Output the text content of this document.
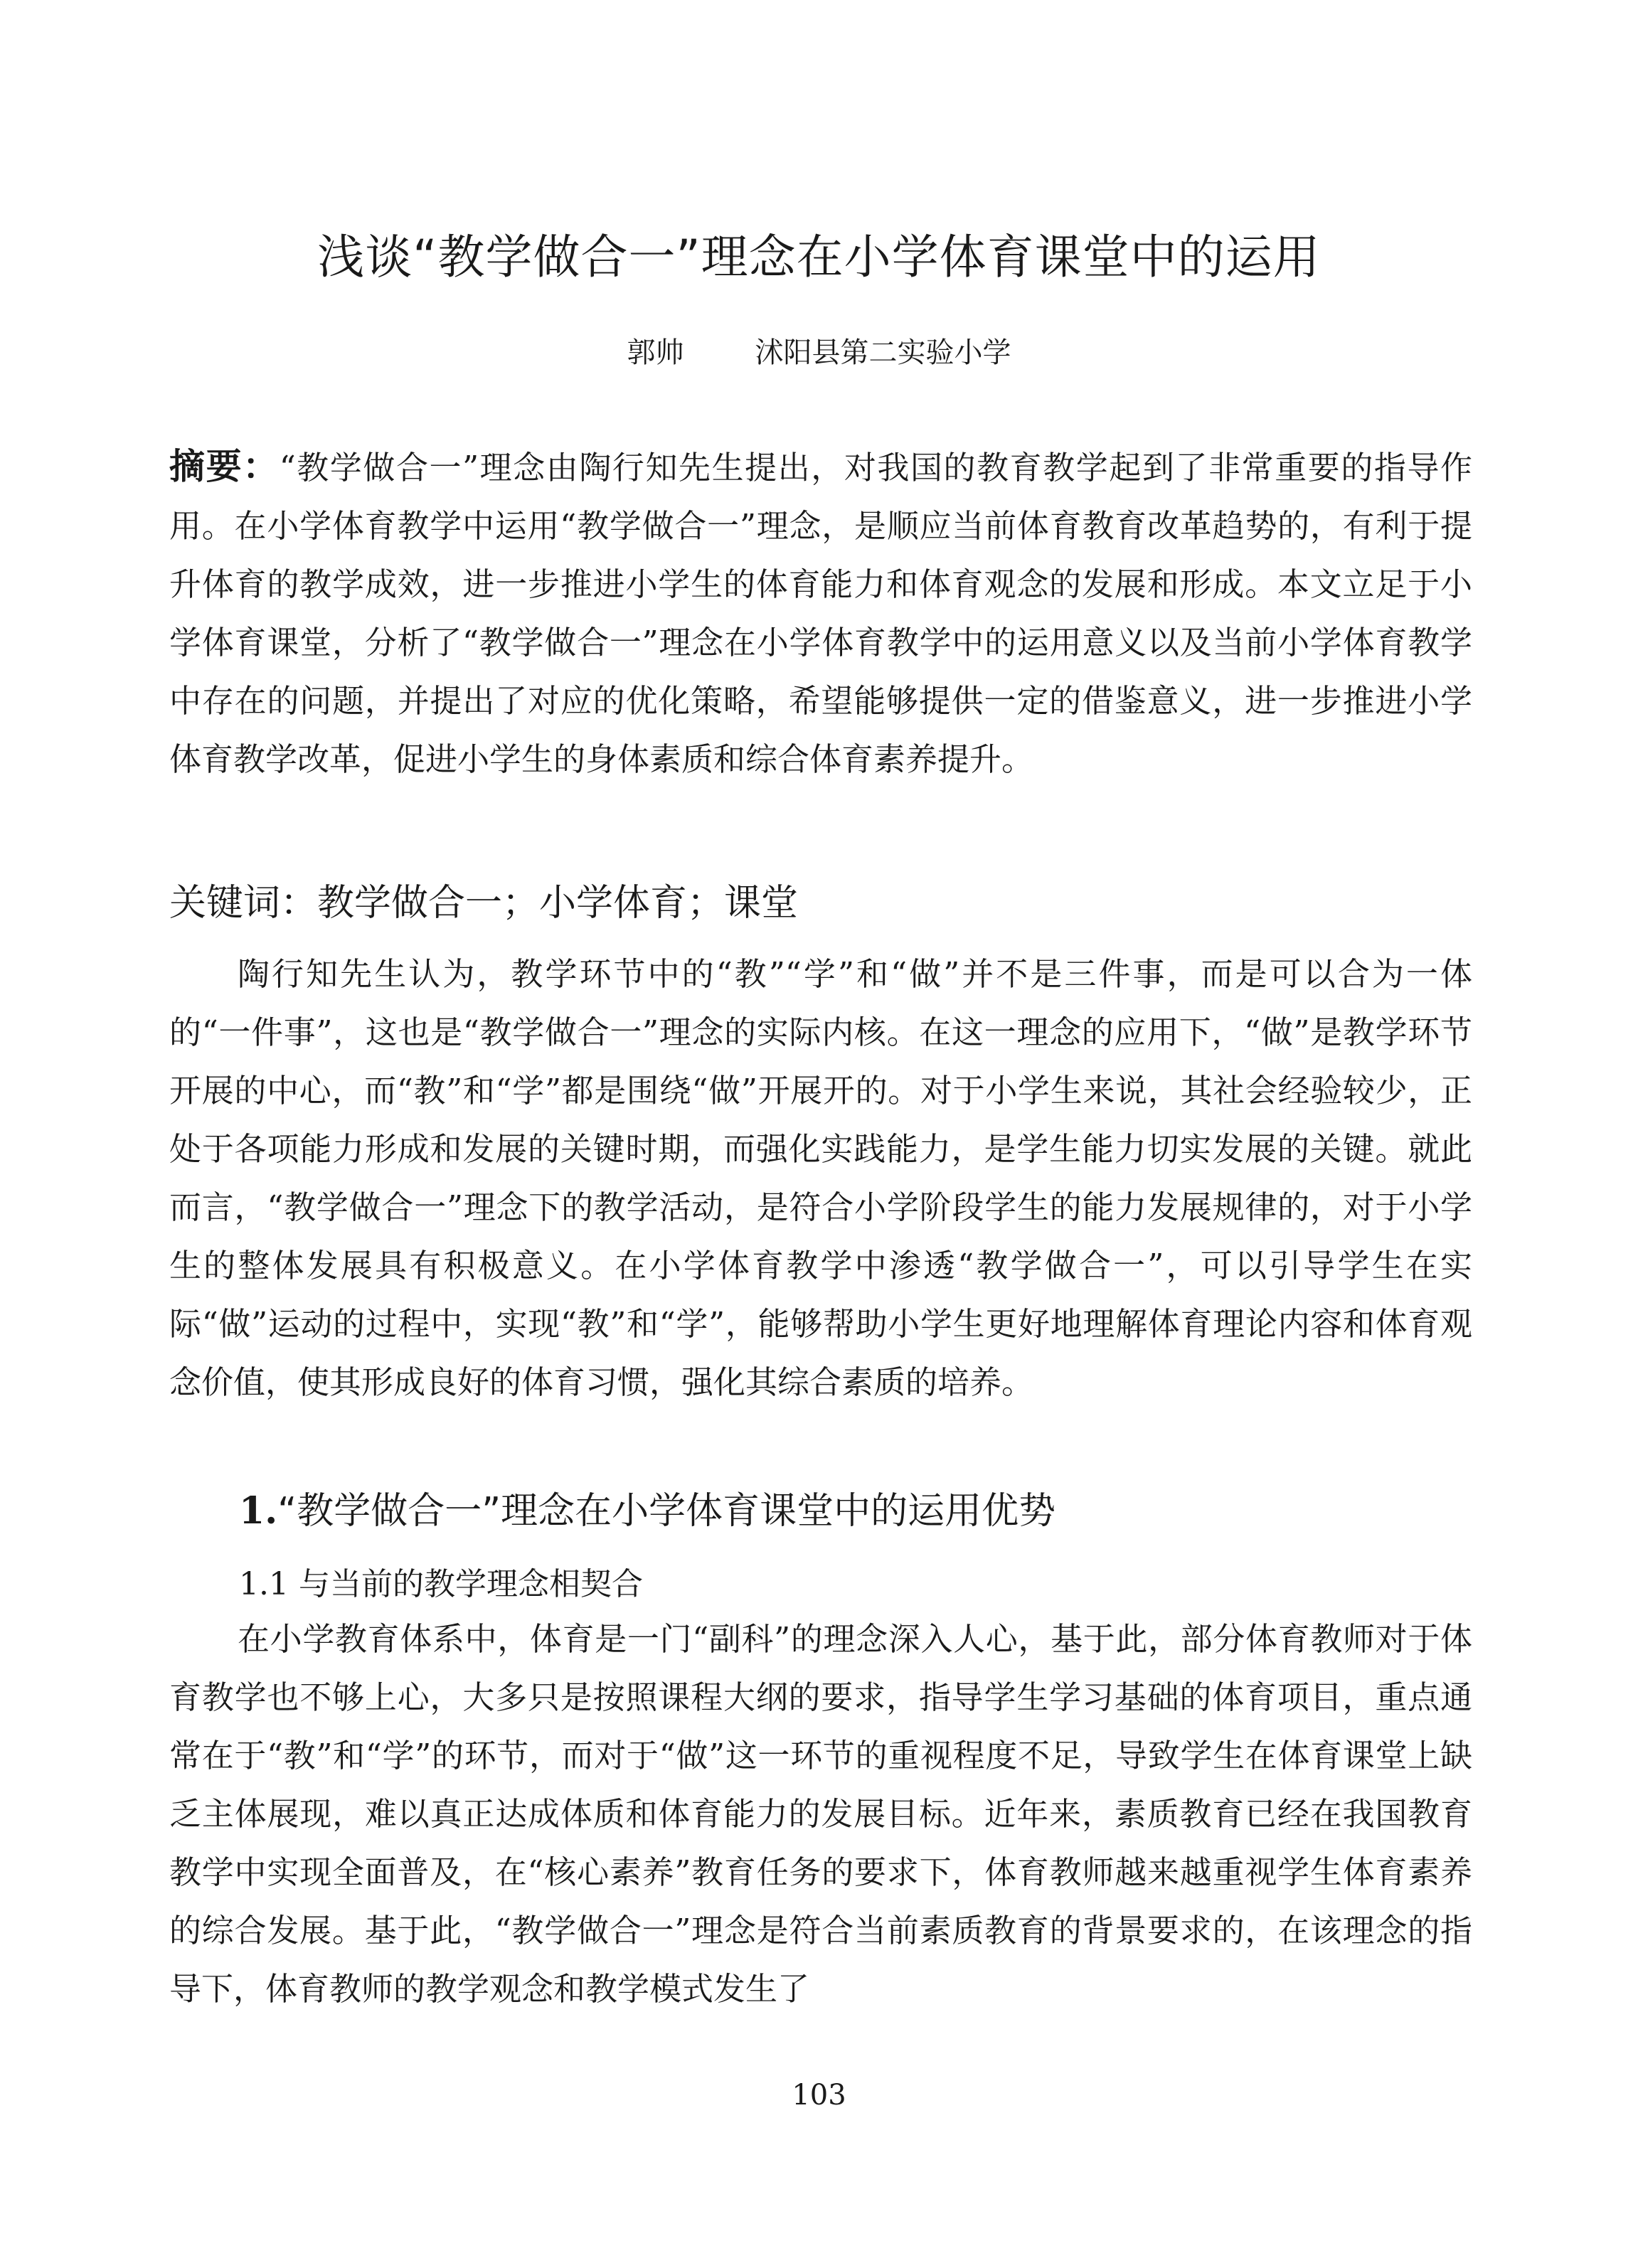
浅谈“教学做合一”理念在小学体育课堂中的运用
郭帅	沭阳县第二实验小学
摘要：“教学做合一”理念由陶行知先生提出，对我国的教育教学起到了非常重要的指导作用。在小学体育教学中运用“教学做合一”理念，是顺应当前体育教育改革趋势的，有利于提升体育的教学成效，进一步推进小学生的体育能力和体育观念的发展和形成。本文立足于小学体育课堂，分析了“教学做合一”理念在小学体育教学中的运用意义以及当前小学体育教学中存在的问题，并提出了对应的优化策略，希望能够提供一定的借鉴意义，进一步推进小学体育教学改革，促进小学生的身体素质和综合体育素养提升。
关键词：教学做合一；小学体育；课堂
陶行知先生认为，教学环节中的“教”“学”和“做”并不是三件事，而是可以合为一体的“一件事”，这也是“教学做合一”理念的实际内核。在这一理念的应用下，“做”是教学环节开展的中心，而“教”和“学”都是围绕“做”开展开的。对于小学生来说，其社会经验较少，正处于各项能力形成和发展的关键时期，而强化实践能力，是学生能力切实发展的关键。就此而言，“教学做合一”理念下的教学活动，是符合小学阶段学生的能力发展规律的，对于小学生的整体发展具有积极意义。在小学体育教学中渗透“教学做合一”，可以引导学生在实际“做”运动的过程中，实现“教”和“学”，能够帮助小学生更好地理解体育理论内容和体育观念价值，使其形成良好的体育习惯，强化其综合素质的培养。
1.“教学做合一”理念在小学体育课堂中的运用优势
1.1 与当前的教学理念相契合
在小学教育体系中，体育是一门“副科”的理念深入人心，基于此，部分体育教师对于体育教学也不够上心，大多只是按照课程大纲的要求，指导学生学习基础的体育项目，重点通常在于“教”和“学”的环节，而对于“做”这一环节的重视程度不足，导致学生在体育课堂上缺乏主体展现，难以真正达成体质和体育能力的发展目标。近年来，素质教育已经在我国教育教学中实现全面普及，在“核心素养”教育任务的要求下，体育教师越来越重视学生体育素养的综合发展。基于此，“教学做合一”理念是符合当前素质教育的背景要求的，在该理念的指导下，体育教师的教学观念和教学模式发生了
103
